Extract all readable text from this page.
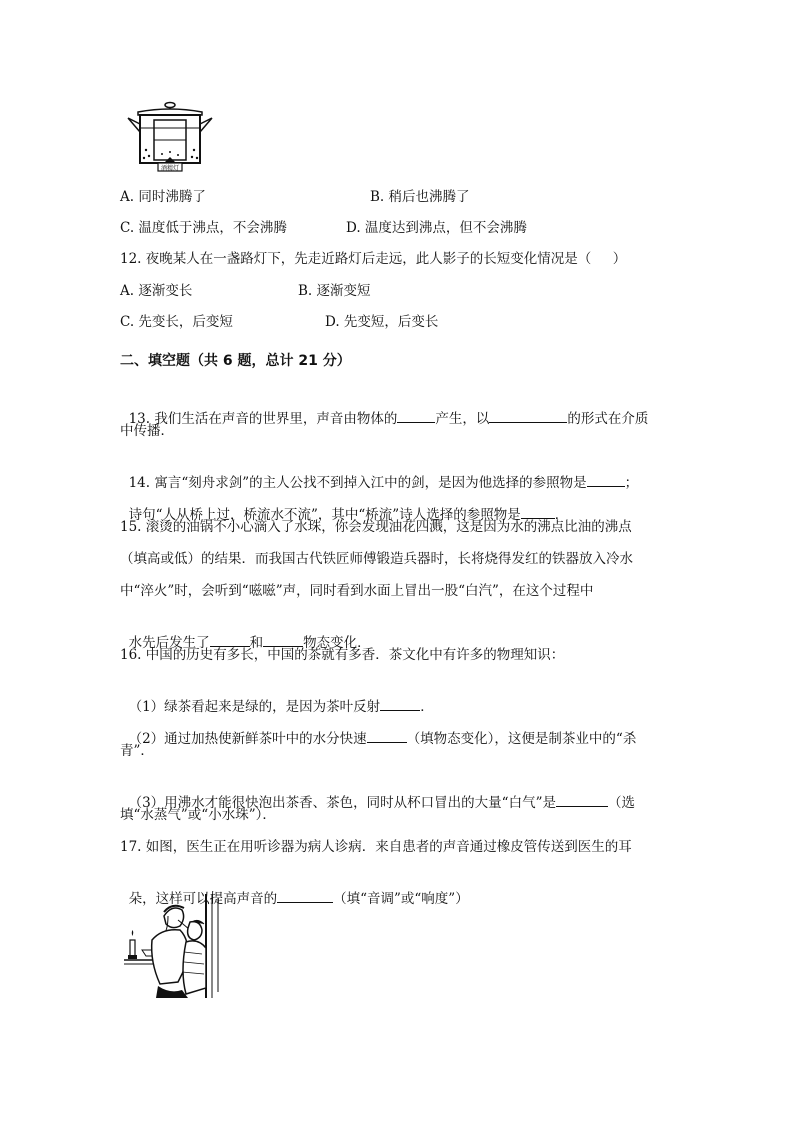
酒精灯
A. 同时沸腾了	B. 稍后也沸腾了
C. 温度低于沸点，不会沸腾	D. 温度达到沸点，但不会沸腾
12. 夜晚某人在一盏路灯下，先走近路灯后走远，此人影子的长短变化情况是（     ）
A. 逐渐变长	B. 逐渐变短
C. 先变长，后变短	D. 先变短，后变长
二、填空题（共 6 题，总计 21 分）

13. 我们生活在声音的世界里，声音由物体的	产生，以	的形式在介质

中传播．

14. 寓言“刻舟求剑”的主人公找不到掉入江中的剑，是因为他选择的参照物是	；

诗句“人从桥上过，桥流水不流”，其中“桥流”诗人选择的参照物是	．

15. 滚烫的油锅不小心滴入了水珠，你会发现油花四溅，这是因为水的沸点比油的沸点
（填高或低）的结果．而我国古代铁匠师傅锻造兵器时，长将烧得发红的铁器放入冷水
中“淬火”时，会听到“嗞嗞”声，同时看到水面上冒出一股“白汽”，在这个过程中

水先后发生了	和	物态变化．

16. 中国的历史有多长，中国的茶就有多香．茶文化中有许多的物理知识：

（1）绿茶看起来是绿的，是因为茶叶反射	．

（2）通过加热使新鲜茶叶中的水分快速	（填物态变化），这便是制茶业中的“杀

青”．

（3）用沸水才能很快泡出茶香、茶色，同时从杯口冒出的大量“白气”是	（选

填“水蒸气”或“小水珠”）．
17. 如图，医生正在用听诊器为病人诊病．来自患者的声音通过橡皮管传送到医生的耳

朵，这样可以提高声音的	（填“音调”或“响度”）
